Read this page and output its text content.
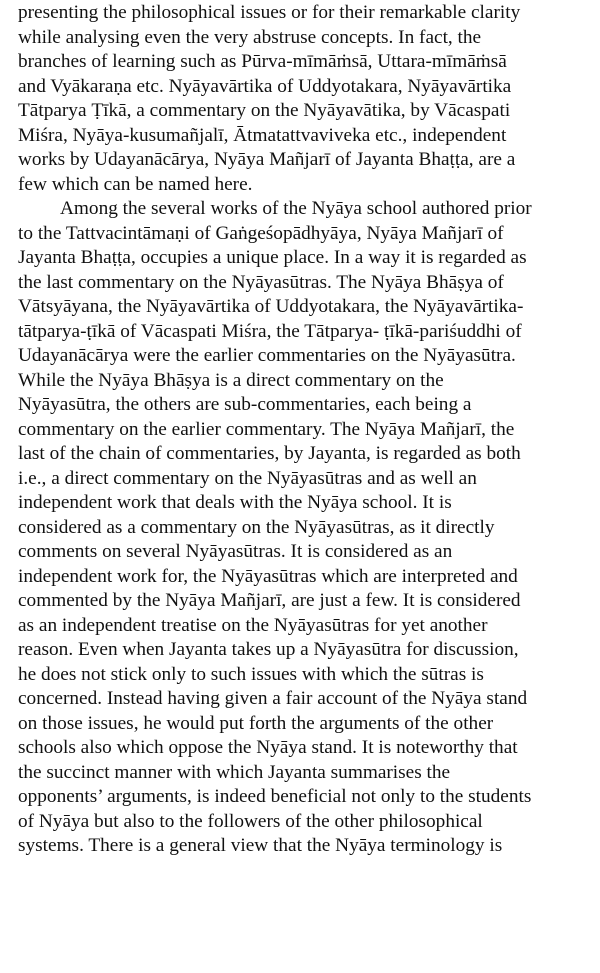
presenting the philosophical issues or for their remarkable clarity
while analysing even the very abstruse concepts. In fact, the
branches of learning such as Pūrva-mīmāṁsā, Uttara-mīmāṁsā
and Vyākaraṇa etc. Nyāyavārtika of Uddyotakara, Nyāyavārtika
Tātparya Ṭīkā, a commentary on the Nyāyavātika, by Vācaspati
Miśra, Nyāya-kusumañjalī, Ātmatattvaviveka etc., independent
works by Udayanācārya, Nyāya Mañjarī of Jayanta Bhaṭṭa, are a
few which can be named here.
Among the several works of the Nyāya school authored prior
to the Tattvacintāmaṇi of Gaṅgeśopādhyāya, Nyāya Mañjarī of
Jayanta Bhaṭṭa, occupies a unique place. In a way it is regarded as
the last commentary on the Nyāyasūtras. The Nyāya Bhāṣya of
Vātsyāyana, the Nyāyavārtika of Uddyotakara, the Nyāyavārtika-
tātparya-ṭīkā of Vācaspati Miśra, the Tātparya- ṭīkā-pariśuddhi of
Udayanācārya were the earlier commentaries on the Nyāyasūtra.
While the Nyāya Bhāṣya is a direct commentary on the
Nyāyasūtra, the others are sub-commentaries, each being a
commentary on the earlier commentary. The Nyāya Mañjarī, the
last of the chain of commentaries, by Jayanta, is regarded as both
i.e., a direct commentary on the Nyāyasūtras and as well an
independent work that deals with the Nyāya school. It is
considered as a commentary on the Nyāyasūtras, as it directly
comments on several Nyāyasūtras. It is considered as an
independent work for, the Nyāyasūtras which are interpreted and
commented by the Nyāya Mañjarī, are just a few. It is considered
as an independent treatise on the Nyāyasūtras for yet another
reason. Even when Jayanta takes up a Nyāyasūtra for discussion,
he does not stick only to such issues with which the sūtras is
concerned. Instead having given a fair account of the Nyāya stand
on those issues, he would put forth the arguments of the other
schools also which oppose the Nyāya stand. It is noteworthy that
the succinct manner with which Jayanta summarises the
opponents’ arguments, is indeed beneficial not only to the students
of Nyāya but also to the followers of the other philosophical
systems. There is a general view that the Nyāya terminology is
